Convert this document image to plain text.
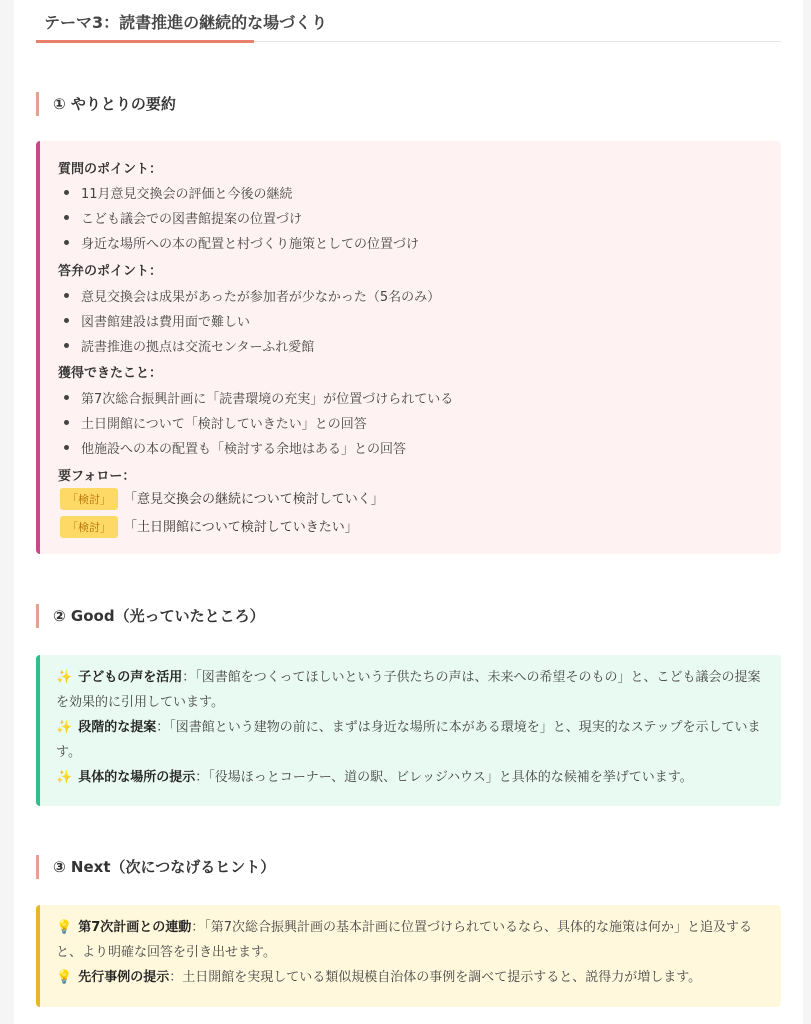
テーマ3：読書推進の継続的な場づくり
① やりとりの要約
質問のポイント：
11月意見交換会の評価と今後の継続
こども議会での図書館提案の位置づけ
身近な場所への本の配置と村づくり施策としての位置づけ
答弁のポイント：
意見交換会は成果があったが参加者が少なかった（5名のみ）
図書館建設は費用面で難しい
読書推進の拠点は交流センターふれ愛館
獲得できたこと：
第7次総合振興計画に「読書環境の充実」が位置づけられている
土日開館について「検討していきたい」との回答
他施設への本の配置も「検討する余地はある」との回答
要フォロー：
「検討」 「意見交換会の継続について検討していく」
「検討」 「土日開館について検討していきたい」
② Good（光っていたところ）
✨ 子どもの声を活用：「図書館をつくってほしいという子供たちの声は、未来への希望そのもの」と、こども議会の提案を効果的に引用しています。
✨ 段階的な提案：「図書館という建物の前に、まずは身近な場所に本がある環境を」と、現実的なステップを示しています。
✨ 具体的な場所の提示：「役場ほっとコーナー、道の駅、ビレッジハウス」と具体的な候補を挙げています。
③ Next（次につなげるヒント）
💡 第7次計画との連動：「第7次総合振興計画の基本計画に位置づけられているなら、具体的な施策は何か」と追及すると、より明確な回答を引き出せます。
💡 先行事例の提示：土日開館を実現している類似規模自治体の事例を調べて提示すると、説得力が増します。
